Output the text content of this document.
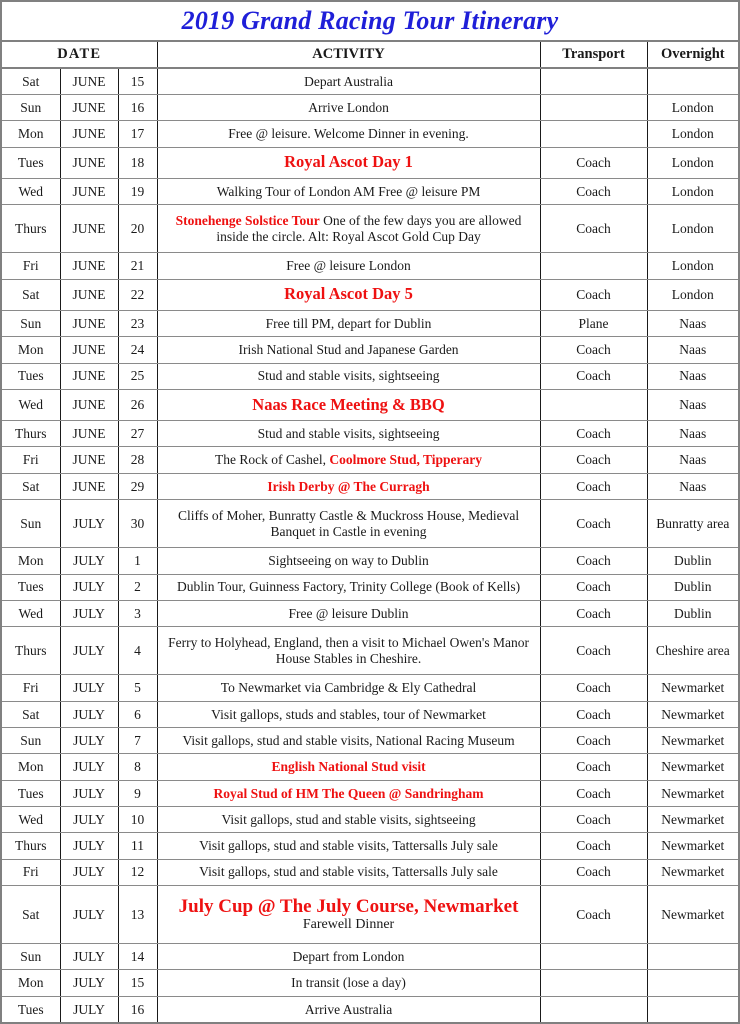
2019 Grand Racing Tour Itinerary
DATE			ACTIVITY	Transport	Overnight
Sat	JUNE	15	Depart Australia		
Sun	JUNE	16	Arrive London		London
Mon	JUNE	17	Free @ leisure. Welcome Dinner in evening.		London
Tues	JUNE	18	Royal Ascot Day 1	Coach	London
Wed	JUNE	19	Walking Tour of London AM Free @ leisure PM	Coach	London
Thurs	JUNE	20	Stonehenge Solstice Tour One of the few days you are allowed inside the circle. Alt: Royal Ascot Gold Cup Day	Coach	London
Fri	JUNE	21	Free @ leisure London		London
Sat	JUNE	22	Royal Ascot Day 5	Coach	London
Sun	JUNE	23	Free till PM, depart for Dublin	Plane	Naas
Mon	JUNE	24	Irish National Stud and Japanese Garden	Coach	Naas
Tues	JUNE	25	Stud and stable visits, sightseeing	Coach	Naas
Wed	JUNE	26	Naas Race Meeting & BBQ		Naas
Thurs	JUNE	27	Stud and stable visits, sightseeing	Coach	Naas
Fri	JUNE	28	The Rock of Cashel, Coolmore Stud, Tipperary	Coach	Naas
Sat	JUNE	29	Irish Derby @ The Curragh	Coach	Naas
Sun	JULY	30	Cliffs of Moher, Bunratty Castle & Muckross House, Medieval Banquet in Castle in evening	Coach	Bunratty area
Mon	JULY	1	Sightseeing on way to Dublin	Coach	Dublin
Tues	JULY	2	Dublin Tour, Guinness Factory, Trinity College (Book of Kells)	Coach	Dublin
Wed	JULY	3	Free @ leisure Dublin	Coach	Dublin
Thurs	JULY	4	Ferry to Holyhead, England, then a visit to Michael Owen's Manor House Stables in Cheshire.	Coach	Cheshire area
Fri	JULY	5	To Newmarket via Cambridge & Ely Cathedral	Coach	Newmarket
Sat	JULY	6	Visit gallops, studs and stables, tour of Newmarket	Coach	Newmarket
Sun	JULY	7	Visit gallops, stud and stable visits, National Racing Museum	Coach	Newmarket
Mon	JULY	8	English National Stud visit	Coach	Newmarket
Tues	JULY	9	Royal Stud of HM The Queen @ Sandringham	Coach	Newmarket
Wed	JULY	10	Visit gallops, stud and stable visits, sightseeing	Coach	Newmarket
Thurs	JULY	11	Visit gallops, stud and stable visits, Tattersalls July sale	Coach	Newmarket
Fri	JULY	12	Visit gallops, stud and stable visits, Tattersalls July sale	Coach	Newmarket
Sat	JULY	13	July Cup @ The July Course, Newmarket
Farewell Dinner	Coach	Newmarket
Sun	JULY	14	Depart from London		
Mon	JULY	15	In transit (lose a day)		
Tues	JULY	16	Arrive Australia		
